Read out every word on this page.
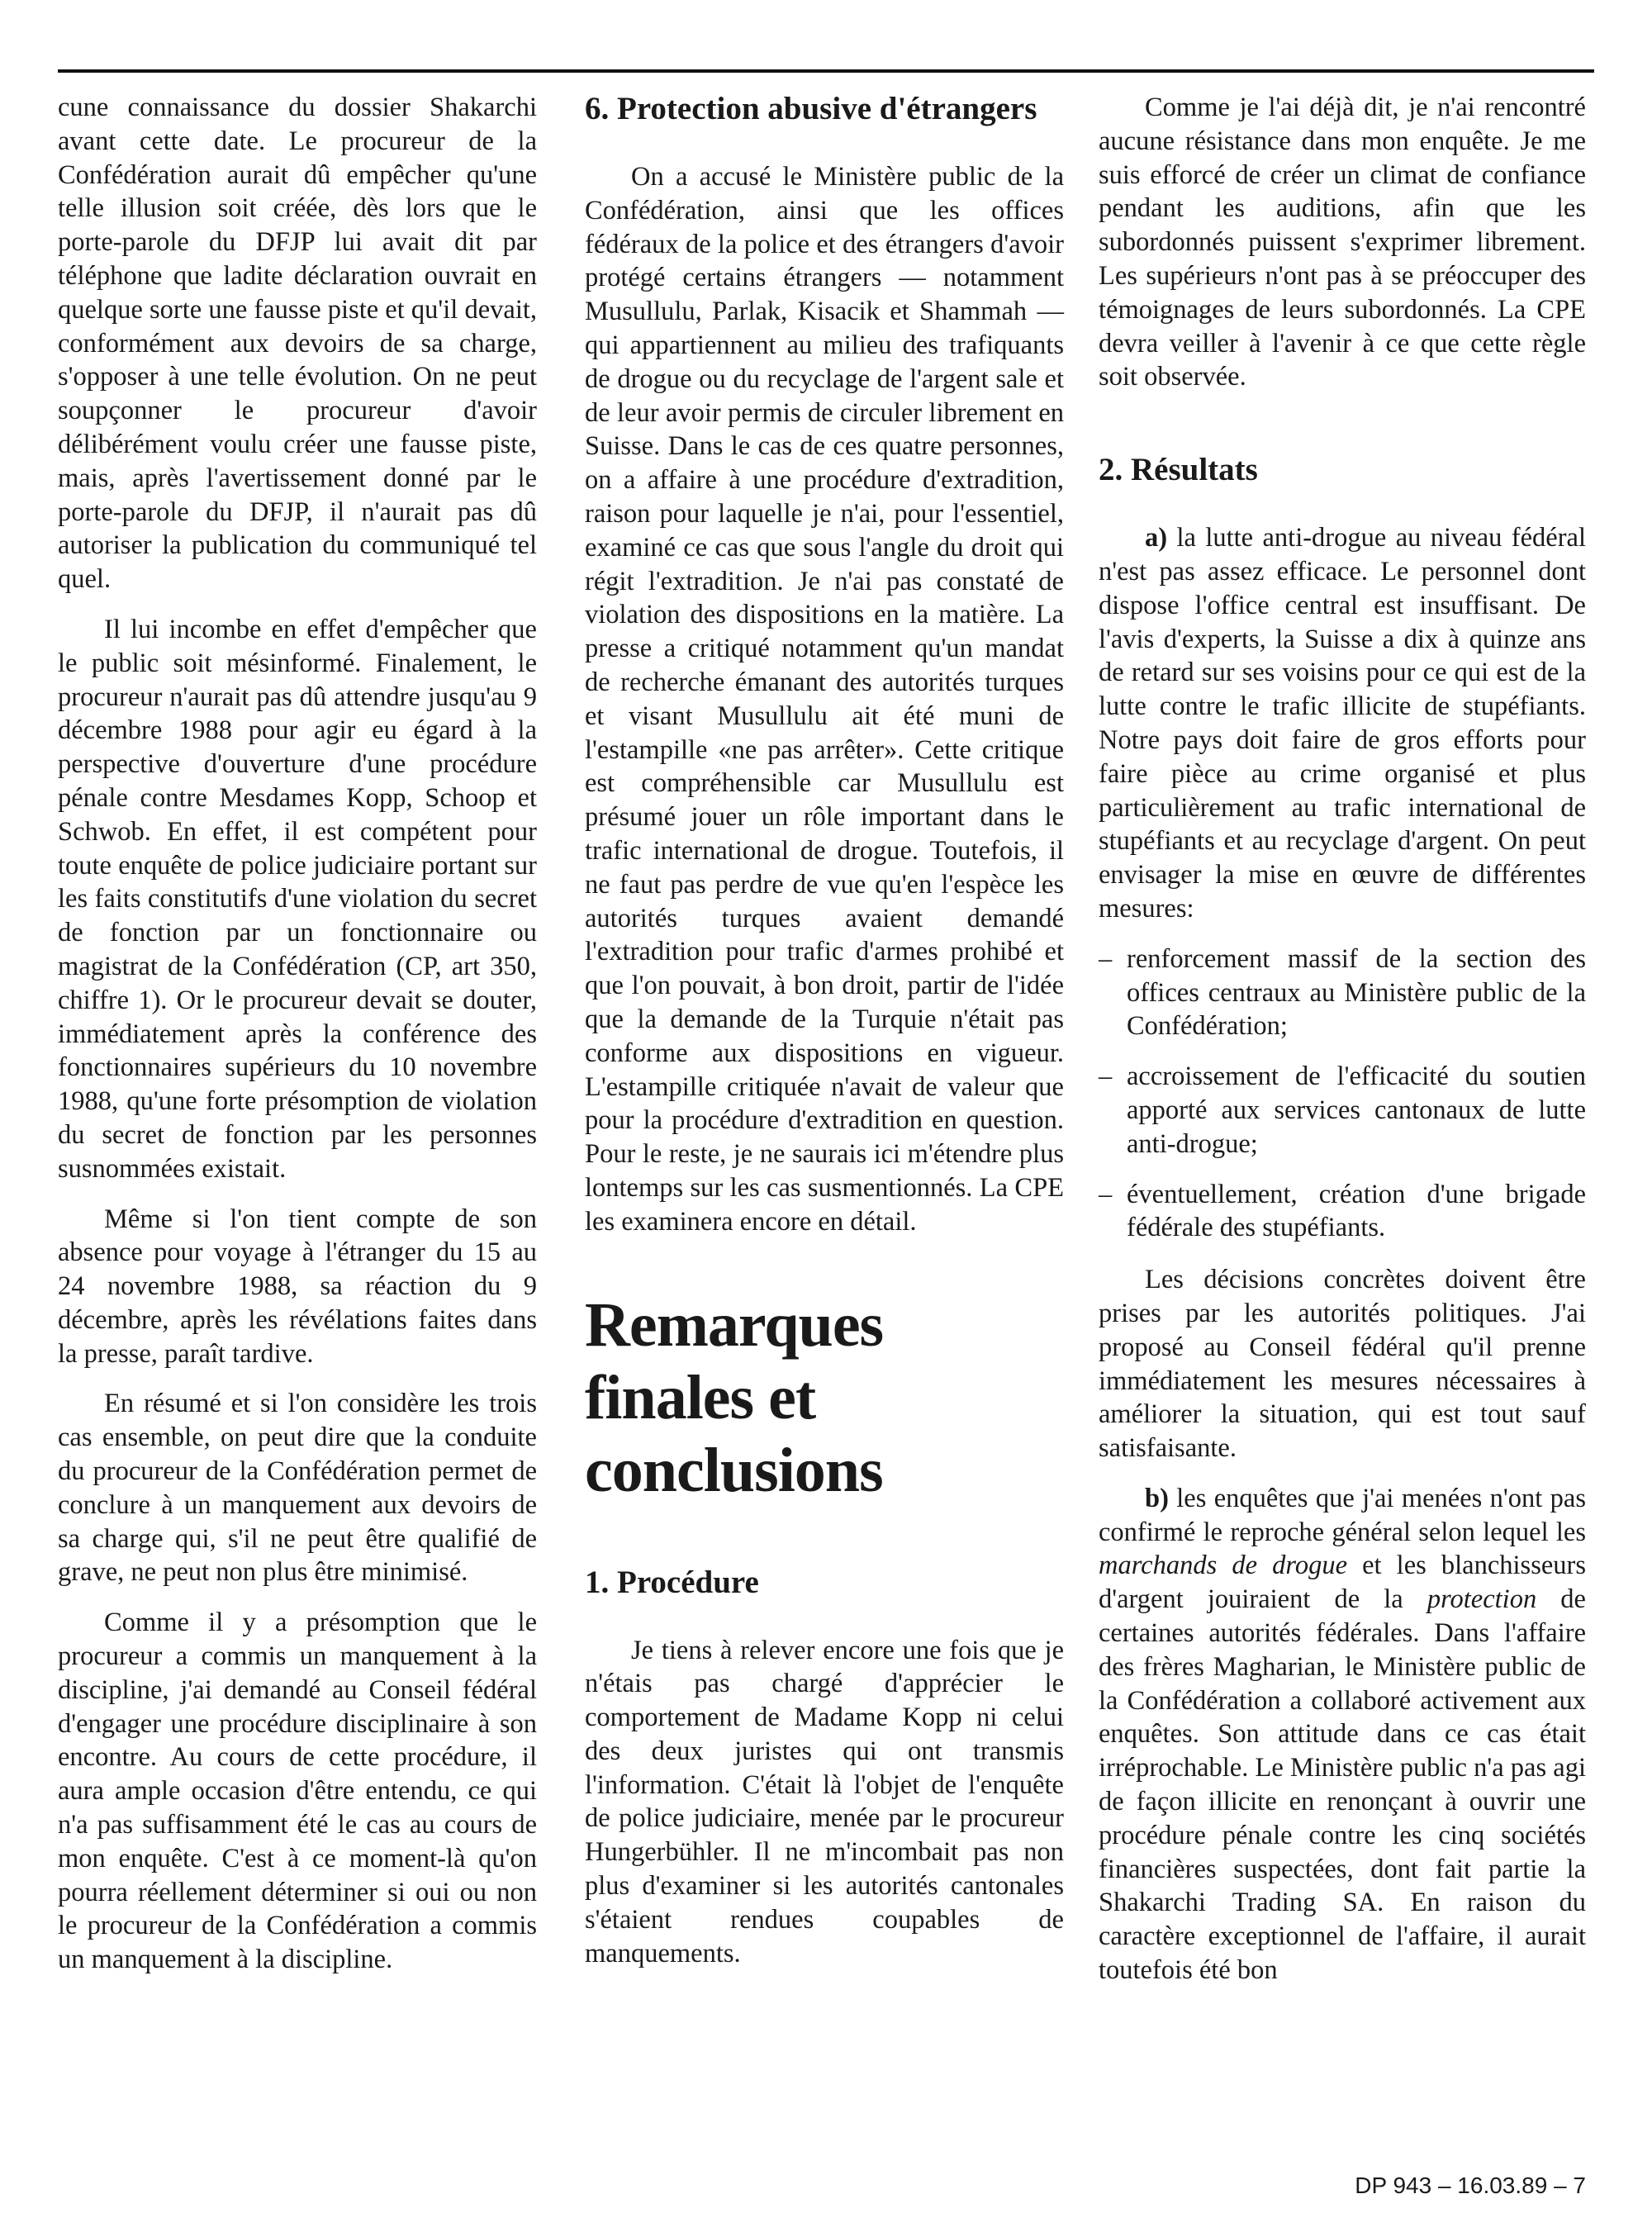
cune connaissance du dossier Shakarchi avant cette date. Le procureur de la Confédération aurait dû empêcher qu'une telle illusion soit créée, dès lors que le porte-parole du DFJP lui avait dit par téléphone que ladite déclaration ouvrait en quelque sorte une fausse piste et qu'il devait, conformément aux devoirs de sa charge, s'opposer à une telle évolution. On ne peut soupçonner le procureur d'avoir délibérément voulu créer une fausse piste, mais, après l'avertissement donné par le porte-parole du DFJP, il n'aurait pas dû autoriser la publication du communiqué tel quel.

Il lui incombe en effet d'empêcher que le public soit mésinformé. Finalement, le procureur n'aurait pas dû attendre jusqu'au 9 décembre 1988 pour agir eu égard à la perspective d'ouverture d'une procédure pénale contre Mesdames Kopp, Schoop et Schwob. En effet, il est compétent pour toute enquête de police judiciaire portant sur les faits constitutifs d'une violation du secret de fonction par un fonctionnaire ou magistrat de la Confédération (CP, art 350, chiffre 1). Or le procureur devait se douter, immédiatement après la conférence des fonctionnaires supérieurs du 10 novembre 1988, qu'une forte présomption de violation du secret de fonction par les personnes susnommées existait.

Même si l'on tient compte de son absence pour voyage à l'étranger du 15 au 24 novembre 1988, sa réaction du 9 décembre, après les révélations faites dans la presse, paraît tardive.

En résumé et si l'on considère les trois cas ensemble, on peut dire que la conduite du procureur de la Confédération permet de conclure à un manquement aux devoirs de sa charge qui, s'il ne peut être qualifié de grave, ne peut non plus être minimisé.

Comme il y a présomption que le procureur a commis un manquement à la discipline, j'ai demandé au Conseil fédéral d'engager une procédure disciplinaire à son encontre. Au cours de cette procédure, il aura ample occasion d'être entendu, ce qui n'a pas suffisamment été le cas au cours de mon enquête. C'est à ce moment-là qu'on pourra réellement déterminer si oui ou non le procureur de la Confédération a commis un manquement à la discipline.

6. Protection abusive d'étrangers

On a accusé le Ministère public de la Confédération, ainsi que les offices fédéraux de la police et des étrangers d'avoir protégé certains étrangers — notamment Musullulu, Parlak, Kisacik et Shammah — qui appartiennent au milieu des trafiquants de drogue ou du recyclage de l'argent sale et de leur avoir permis de circuler librement en Suisse. Dans le cas de ces quatre personnes, on a affaire à une procédure d'extradition, raison pour laquelle je n'ai, pour l'essentiel, examiné ce cas que sous l'angle du droit qui régit l'extradition. Je n'ai pas constaté de violation des dispositions en la matière. La presse a critiqué notamment qu'un mandat de recherche émanant des autorités turques et visant Musullulu ait été muni de l'estampille «ne pas arrêter». Cette critique est compréhensible car Musullulu est présumé jouer un rôle important dans le trafic international de drogue. Toutefois, il ne faut pas perdre de vue qu'en l'espèce les autorités turques avaient demandé l'extradition pour trafic d'armes prohibé et que l'on pouvait, à bon droit, partir de l'idée que la demande de la Turquie n'était pas conforme aux dispositions en vigueur. L'estampille critiquée n'avait de valeur que pour la procédure d'extradition en question. Pour le reste, je ne saurais ici m'étendre plus lontemps sur les cas susmentionnés. La CPE les examinera encore en détail.

Remarques finales et conclusions
1. Procédure

Je tiens à relever encore une fois que je n'étais pas chargé d'apprécier le comportement de Madame Kopp ni celui des deux juristes qui ont transmis l'information. C'était là l'objet de l'enquête de police judiciaire, menée par le procureur Hungerbühler. Il ne m'incombait pas non plus d'examiner si les autorités cantonales s'étaient rendues coupables de manquements.

Comme je l'ai déjà dit, je n'ai rencontré aucune résistance dans mon enquête. Je me suis efforcé de créer un climat de confiance pendant les auditions, afin que les subordonnés puissent s'exprimer librement. Les supérieurs n'ont pas à se préoccuper des témoignages de leurs subordonnés. La CPE devra veiller à l'avenir à ce que cette règle soit observée.

2. Résultats

a) la lutte anti-drogue au niveau fédéral n'est pas assez efficace. Le personnel dont dispose l'office central est insuffisant. De l'avis d'experts, la Suisse a dix à quinze ans de retard sur ses voisins pour ce qui est de la lutte contre le trafic illicite de stupéfiants. Notre pays doit faire de gros efforts pour faire pièce au crime organisé et plus particulièrement au trafic international de stupéfiants et au recyclage d'argent. On peut envisager la mise en œuvre de différentes mesures:

– renforcement massif de la section des offices centraux au Ministère public de la Confédération;
– accroissement de l'efficacité du soutien apporté aux services cantonaux de lutte anti-drogue;
– éventuellement, création d'une brigade fédérale des stupéfiants.

Les décisions concrètes doivent être prises par les autorités politiques. J'ai proposé au Conseil fédéral qu'il prenne immédiatement les mesures nécessaires à améliorer la situation, qui est tout sauf satisfaisante.

b) les enquêtes que j'ai menées n'ont pas confirmé le reproche général selon lequel les marchands de drogue et les blanchisseurs d'argent jouiraient de la protection de certaines autorités fédérales. Dans l'affaire des frères Magharian, le Ministère public de la Confédération a collaboré activement aux enquêtes. Son attitude dans ce cas était irréprochable. Le Ministère public n'a pas agi de façon illicite en renonçant à ouvrir une procédure pénale contre les cinq sociétés financières suspectées, dont fait partie la Shakarchi Trading SA. En raison du caractère exceptionnel de l'affaire, il aurait toutefois été bon

DP 943 – 16.03.89 – 7
